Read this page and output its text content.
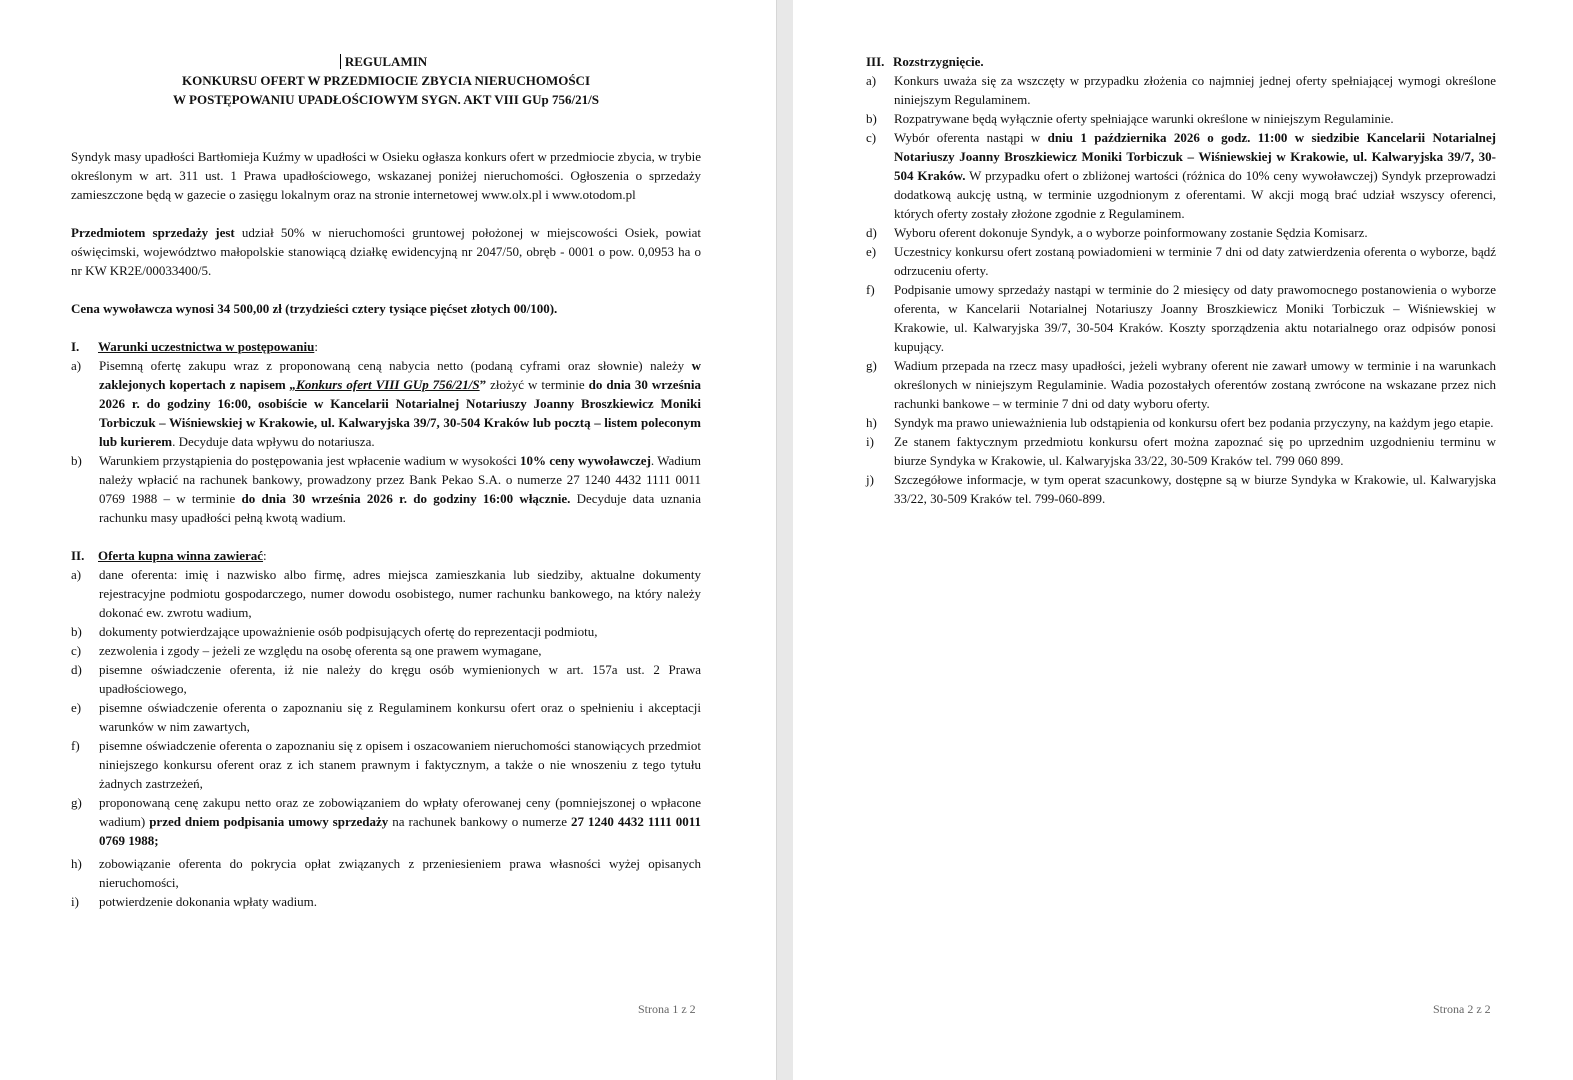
REGULAMIN
KONKURSU OFERT W PRZEDMIOCIE ZBYCIA NIERUCHOMOŚCI
W POSTĘPOWANIU UPADŁOŚCIOWYM SYGN. AKT VIII GUp 756/21/S

Syndyk masy upadłości Bartłomieja Kuźmy w upadłości w Osieku ogłasza konkurs ofert w przedmiocie zbycia, w trybie określonym w art. 311 ust. 1 Prawa upadłościowego, wskazanej poniżej nieruchomości. Ogłoszenia o sprzedaży zamieszczone będą w gazecie o zasięgu lokalnym oraz na stronie internetowej www.olx.pl i www.otodom.pl

Przedmiotem sprzedaży jest udział 50% w nieruchomości gruntowej położonej w miejscowości Osiek, powiat oświęcimski, województwo małopolskie stanowiącą działkę ewidencyjną nr 2047/50, obręb - 0001 o pow. 0,0953 ha o nr KW KR2E/00033400/5.

Cena wywoławcza wynosi 34 500,00 zł (trzydzieści cztery tysiące pięćset złotych 00/100).

I.	Warunki uczestnictwa w postępowaniu :
a)	Pisemną ofertę zakupu wraz z proponowaną ceną nabycia netto (podaną cyframi oraz słownie) należy w zaklejonych kopertach z napisem „Konkurs ofert VIII GUp 756/21/S” złożyć w terminie do dnia 30 września 2026 r. do godziny 16:00, osobiście w Kancelarii Notarialnej Notariuszy Joanny Broszkiewicz Moniki Torbiczuk – Wiśniewskiej w Krakowie, ul. Kalwaryjska 39/7, 30-504 Kraków lub pocztą – listem poleconym lub kurierem. Decyduje data wpływu do notariusza.
b)	Warunkiem przystąpienia do postępowania jest wpłacenie wadium w wysokości 10% ceny wywoławczej. Wadium należy wpłacić na rachunek bankowy, prowadzony przez Bank Pekao S.A. o numerze 27 1240 4432 1111 0011 0769 1988 – w terminie do dnia 30 września 2026 r. do godziny 16:00 włącznie. Decyduje data uznania rachunku masy upadłości pełną kwotą wadium.
II.	Oferta kupna winna zawierać :
a)	dane oferenta: imię i nazwisko albo firmę, adres miejsca zamieszkania lub siedziby, aktualne dokumenty rejestracyjne podmiotu gospodarczego, numer dowodu osobistego, numer rachunku bankowego, na który należy dokonać ew. zwrotu wadium,
b)	dokumenty potwierdzające upoważnienie osób podpisujących ofertę do reprezentacji podmiotu,
c)	zezwolenia i zgody – jeżeli ze względu na osobę oferenta są one prawem wymagane,
d)	pisemne oświadczenie oferenta, iż nie należy do kręgu osób wymienionych w art. 157a ust. 2 Prawa upadłościowego,
e)	pisemne oświadczenie oferenta o zapoznaniu się z Regulaminem konkursu ofert oraz o spełnieniu i akceptacji warunków w nim zawartych,
f)	pisemne oświadczenie oferenta o zapoznaniu się z opisem i oszacowaniem nieruchomości stanowiących przedmiot niniejszego konkursu oferent oraz z ich stanem prawnym i faktycznym, a także o nie wnoszeniu z tego tytułu żadnych zastrzeżeń,
g)	proponowaną cenę zakupu netto oraz ze zobowiązaniem do wpłaty oferowanej ceny (pomniejszonej o wpłacone wadium) przed dniem podpisania umowy sprzedaży na rachunek bankowy o numerze 27 1240 4432 1111 0011 0769 1988;
h)	zobowiązanie oferenta do pokrycia opłat związanych z przeniesieniem prawa własności wyżej opisanych nieruchomości,
i)	potwierdzenie dokonania wpłaty wadium.
Strona 1 z 2
III. Rozstrzygnięcie.
a)	Konkurs uważa się za wszczęty w przypadku złożenia co najmniej jednej oferty spełniającej wymogi określone niniejszym Regulaminem.
b)	Rozpatrywane będą wyłącznie oferty spełniające warunki określone w niniejszym Regulaminie.
c)	Wybór oferenta nastąpi w dniu 1 października 2026 o godz. 11:00 w siedzibie Kancelarii Notarialnej Notariuszy Joanny Broszkiewicz Moniki Torbiczuk – Wiśniewskiej w Krakowie, ul. Kalwaryjska 39/7, 30-504 Kraków. W przypadku ofert o zbliżonej wartości (różnica do 10% ceny wywoławczej) Syndyk przeprowadzi dodatkową aukcję ustną, w terminie uzgodnionym z oferentami. W akcji mogą brać udział wszyscy oferenci, których oferty zostały złożone zgodnie z Regulaminem.
d)	Wyboru oferent dokonuje Syndyk, a o wyborze poinformowany zostanie Sędzia Komisarz.
e)	Uczestnicy konkursu ofert zostaną powiadomieni w terminie 7 dni od daty zatwierdzenia oferenta o wyborze, bądź odrzuceniu oferty.
f)	Podpisanie umowy sprzedaży nastąpi w terminie do 2 miesięcy od daty prawomocnego postanowienia o wyborze oferenta, w Kancelarii Notarialnej Notariuszy Joanny Broszkiewicz Moniki Torbiczuk – Wiśniewskiej w Krakowie, ul. Kalwaryjska 39/7, 30-504 Kraków. Koszty sporządzenia aktu notarialnego oraz odpisów ponosi kupujący.
g)	Wadium przepada na rzecz masy upadłości, jeżeli wybrany oferent nie zawarł umowy w terminie i na warunkach określonych w niniejszym Regulaminie. Wadia pozostałych oferentów zostaną zwrócone na wskazane przez nich rachunki bankowe – w terminie 7 dni od daty wyboru oferty.
h)	Syndyk ma prawo unieważnienia lub odstąpienia od konkursu ofert bez podania przyczyny, na każdym jego etapie.
i)	Ze stanem faktycznym przedmiotu konkursu ofert można zapoznać się po uprzednim uzgodnieniu terminu w biurze Syndyka w Krakowie, ul. Kalwaryjska 33/22, 30-509 Kraków tel. 799 060 899.
j)	Szczegółowe informacje, w tym operat szacunkowy, dostępne są w biurze Syndyka w Krakowie, ul. Kalwaryjska 33/22, 30-509 Kraków tel. 799-060-899.
Strona 2 z 2
